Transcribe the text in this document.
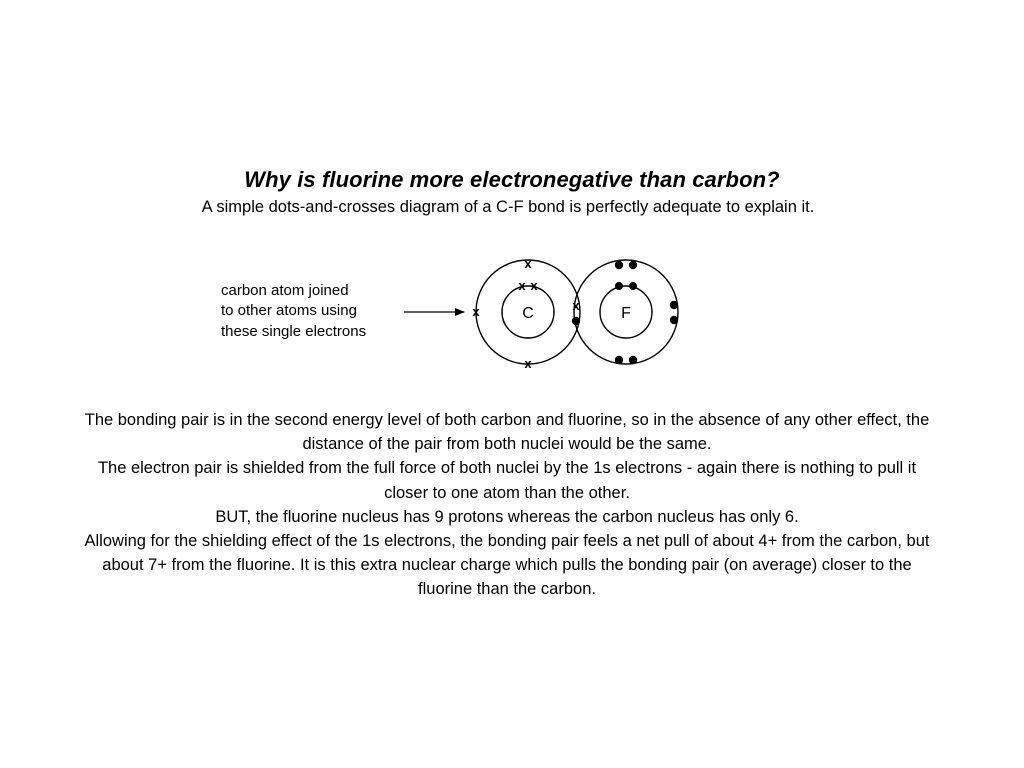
Why is fluorine more electronegative than carbon?

A simple dots-and-crosses diagram of a C-F bond is perfectly adequate to explain it.

carbon atom joined
to other atoms using
these single electrons
C
x x
x
x
x	x	F

The bonding pair is in the second energy level of both carbon and fluorine, so in the absence of any other effect, the distance of the pair from both nuclei would be the same.

The electron pair is shielded from the full force of both nuclei by the 1s electrons - again there is nothing to pull it closer to one atom than the other.

BUT, the fluorine nucleus has 9 protons whereas the carbon nucleus has only 6.

Allowing for the shielding effect of the 1s electrons, the bonding pair feels a net pull of about 4+ from the carbon, but about 7+ from the fluorine. It is this extra nuclear charge which pulls the bonding pair (on average) closer to the fluorine than the carbon.
